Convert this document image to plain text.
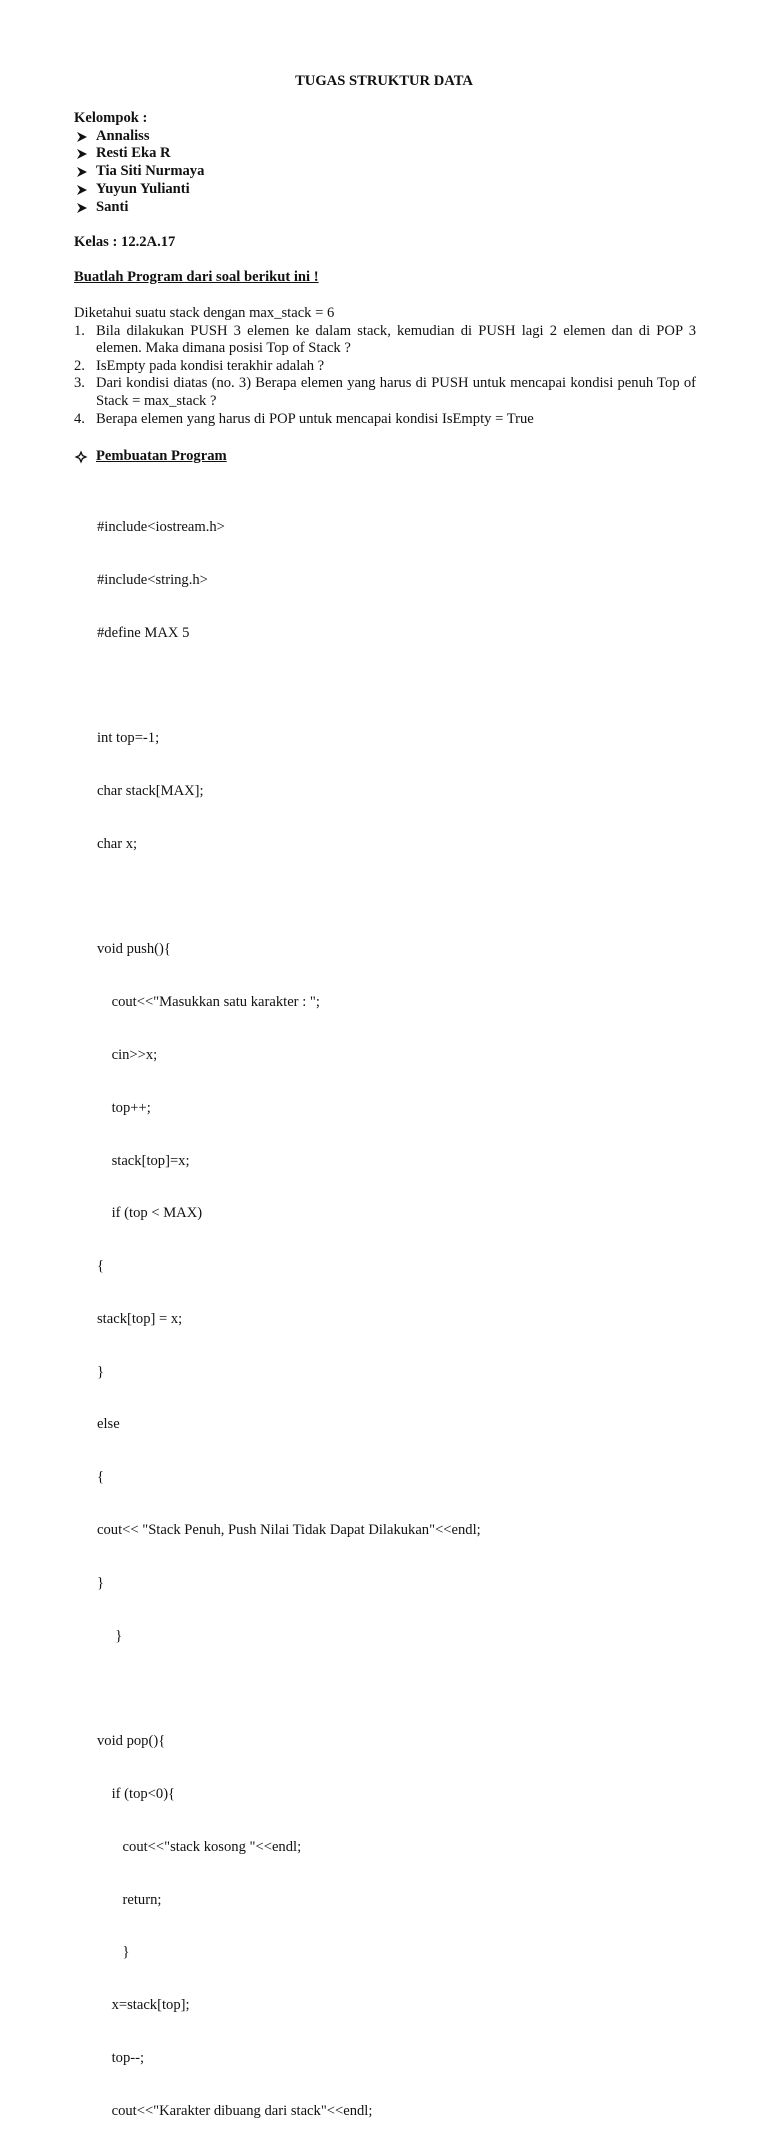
TUGAS STRUKTUR DATA
Kelompok :
Annaliss
Resti Eka R
Tia Siti Nurmaya
Yuyun Yulianti
Santi
Kelas : 12.2A.17
Buatlah Program dari soal berikut ini !
Diketahui suatu stack dengan max_stack = 6
1. Bila dilakukan PUSH 3 elemen ke dalam stack, kemudian di PUSH lagi 2 elemen dan di POP 3 elemen. Maka dimana posisi Top of Stack ?
2. IsEmpty pada kondisi terakhir adalah ?
3. Dari kondisi diatas (no. 3) Berapa elemen yang harus di PUSH untuk mencapai kondisi penuh Top of Stack = max_stack ?
4. Berapa elemen yang harus di POP untuk mencapai kondisi IsEmpty = True
Pembuatan Program

#include<iostream.h>

#include<string.h>

#define MAX 5

int top=-1;

char stack[MAX];

char x;

void push(){

cout<<"Masukkan satu karakter : ";

cin>>x;

top++;

stack[top]=x;

if (top < MAX)

{

stack[top] = x;

}

else

{

cout<< "Stack Penuh, Push Nilai Tidak Dapat Dilakukan"<<endl;

}

}

void pop(){

if (top<0){

cout<<"stack kosong "<<endl;

return;

}

x=stack[top];

top--;

cout<<"Karakter dibuang dari stack"<<endl;
